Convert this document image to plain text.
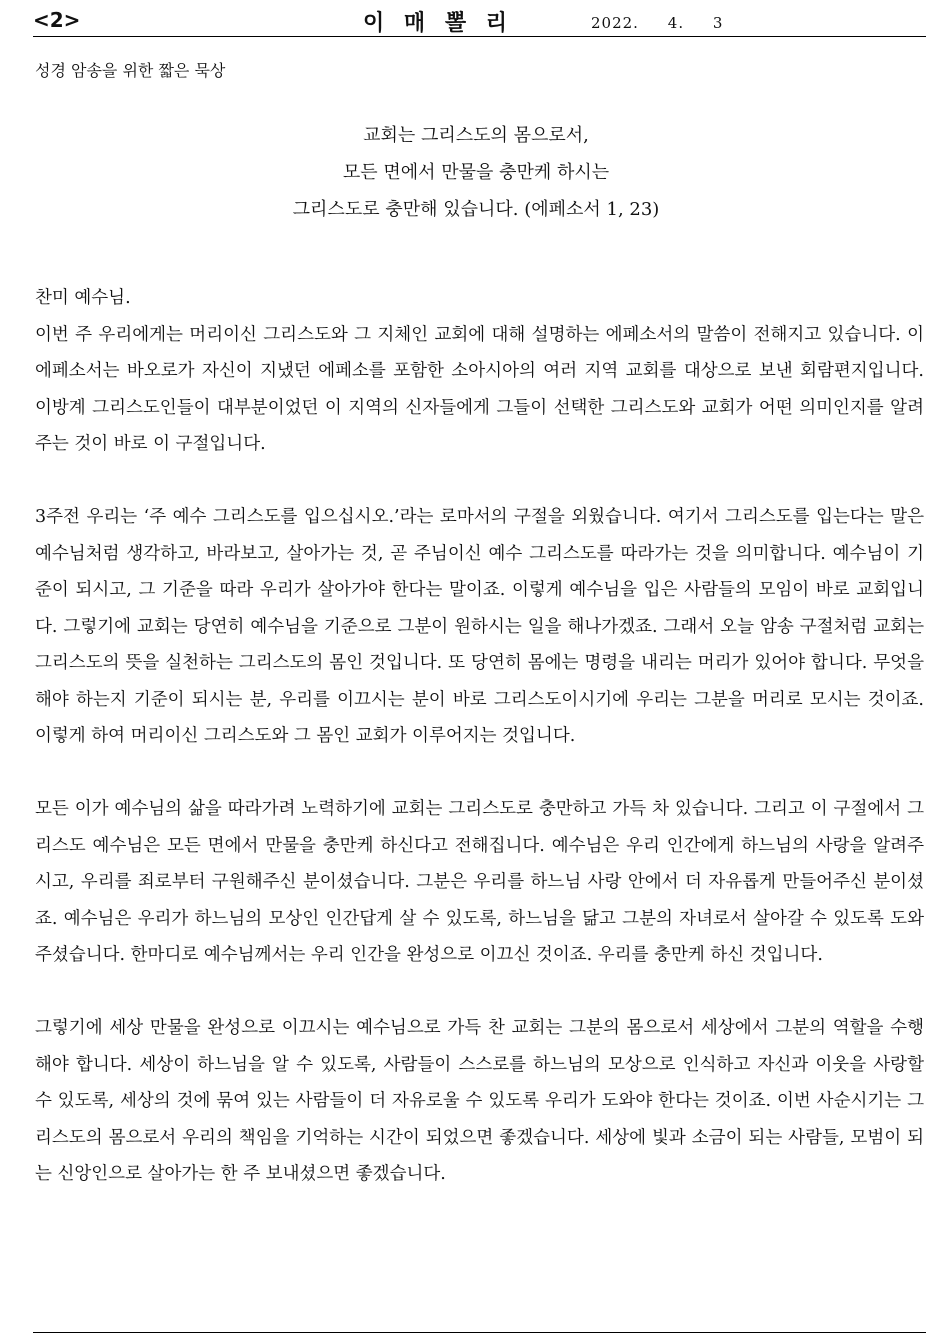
<2>	이 매 뽈 리	2022.     4.     3
성경 암송을 위한 짧은 묵상
교회는 그리스도의 몸으로서,
모든 면에서 만물을 충만케 하시는
그리스도로 충만해 있습니다. (에페소서 1, 23)

찬미 예수님.
이번 주 우리에게는 머리이신 그리스도와 그 지체인 교회에 대해 설명하는 에페소서의 말씀이 전해지고 있습니다. 이 에페소서는 바오로가 자신이 지냈던 에페소를 포함한 소아시아의 여러 지역 교회를 대상으로 보낸 회람편지입니다. 이방계 그리스도인들이 대부분이었던 이 지역의 신자들에게 그들이 선택한 그리스도와 교회가 어떤 의미인지를 알려주는 것이 바로 이 구절입니다.

3주전 우리는 ‘주 예수 그리스도를 입으십시오.’라는 로마서의 구절을 외웠습니다. 여기서 그리스도를 입는다는 말은 예수님처럼 생각하고, 바라보고, 살아가는 것, 곧 주님이신 예수 그리스도를 따라가는 것을 의미합니다. 예수님이 기준이 되시고, 그 기준을 따라 우리가 살아가야 한다는 말이죠. 이렇게 예수님을 입은 사람들의 모임이 바로 교회입니다. 그렇기에 교회는 당연히 예수님을 기준으로 그분이 원하시는 일을 해나가겠죠. 그래서 오늘 암송 구절처럼 교회는 그리스도의 뜻을 실천하는 그리스도의 몸인 것입니다. 또 당연히 몸에는 명령을 내리는 머리가 있어야 합니다. 무엇을 해야 하는지 기준이 되시는 분, 우리를 이끄시는 분이 바로 그리스도이시기에 우리는 그분을 머리로 모시는 것이죠. 이렇게 하여 머리이신 그리스도와 그 몸인 교회가 이루어지는 것입니다.

모든 이가 예수님의 삶을 따라가려 노력하기에 교회는 그리스도로 충만하고 가득 차 있습니다. 그리고 이 구절에서 그리스도 예수님은 모든 면에서 만물을 충만케 하신다고 전해집니다. 예수님은 우리 인간에게 하느님의 사랑을 알려주시고, 우리를 죄로부터 구원해주신 분이셨습니다. 그분은 우리를 하느님 사랑 안에서 더 자유롭게 만들어주신 분이셨죠. 예수님은 우리가 하느님의 모상인 인간답게 살 수 있도록, 하느님을 닮고 그분의 자녀로서 살아갈 수 있도록 도와주셨습니다. 한마디로 예수님께서는 우리 인간을 완성으로 이끄신 것이죠. 우리를 충만케 하신 것입니다.

그렇기에 세상 만물을 완성으로 이끄시는 예수님으로 가득 찬 교회는 그분의 몸으로서 세상에서 그분의 역할을 수행해야 합니다. 세상이 하느님을 알 수 있도록, 사람들이 스스로를 하느님의 모상으로 인식하고 자신과 이웃을 사랑할 수 있도록, 세상의 것에 묶여 있는 사람들이 더 자유로울 수 있도록 우리가 도와야 한다는 것이죠. 이번 사순시기는 그리스도의 몸으로서 우리의 책임을 기억하는 시간이 되었으면 좋겠습니다. 세상에 빛과 소금이 되는 사람들, 모범이 되는 신앙인으로 살아가는 한 주 보내셨으면 좋겠습니다.
